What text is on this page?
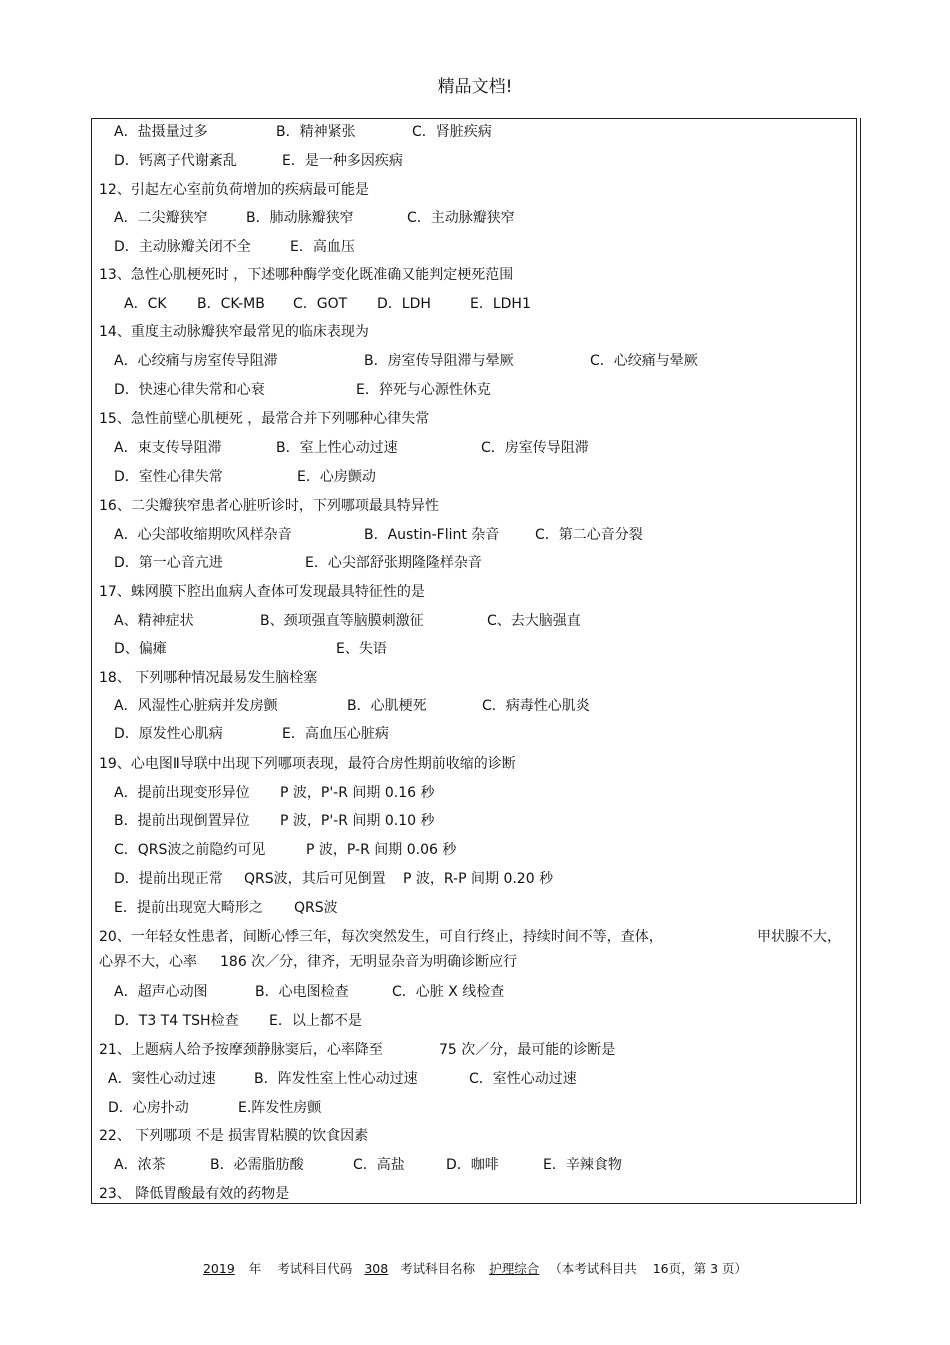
精品文档!
A．盐摄量过多	B．精神紧张	C．肾脏疾病
D．钙离子代谢紊乱	E．是一种多因疾病
12、引起左心室前负荷增加的疾病最可能是
A．二尖瓣狭窄	B．肺动脉瓣狭窄	C．主动脉瓣狭窄
D．主动脉瓣关闭不全	E．高血压
13、急性心肌梗死时 ，下述哪种酶学变化既准确又能判定梗死范围
A．CK B．CK-MB C．GOT D．LDH	E．LDH1
14、重度主动脉瓣狭窄最常见的临床表现为
A．心绞痛与房室传导阻滞	B．房室传导阻滞与晕厥	C．心绞痛与晕厥
D．快速心律失常和心衰	E．猝死与心源性休克
15、急性前壁心肌梗死 ，最常合并下列哪种心律失常
A．束支传导阻滞	B．室上性心动过速	C．房室传导阻滞
D．室性心律失常	E．心房颤动
16、二尖瓣狭窄患者心脏听诊时，下列哪项最具特异性
A．心尖部收缩期吹风样杂音	B．Austin-Flint 杂音	C．第二心音分裂
D．第一心音亢进	E．心尖部舒张期隆隆样杂音
17、蛛网膜下腔出血病人查体可发现最具特征性的是
A、精神症状	B、颈项强直等脑膜刺激征	C、去大脑强直
D、偏瘫	E、失语
18、 下列哪种情况最易发生脑栓塞
A．风湿性心脏病并发房颤	B．心肌梗死	C．病毒性心肌炎
D．原发性心肌病	E．高血压心脏病
19、心电图Ⅱ导联中出现下列哪项表现，最符合房性期前收缩的诊断
A．提前出现变形异位 P 波，P'-R 间期 0.16 秒
B．提前出现倒置异位 P 波，P'-R 间期 0.10 秒
C．QRS波之前隐约可见	P 波，P-R 间期 0.06 秒
D．提前出现正常 QRS波，其后可见倒置 P 波，R-P 间期 0.20 秒
E．提前出现宽大畸形之 QRS波
20、一年轻女性患者，间断心悸三年，每次突然发生，可自行终止，持续时间不等，查体，	甲状腺不大，
心界不大，心率 186 次／分，律齐，无明显杂音为明确诊断应行
A．超声心动图	B．心电图检查	C．心脏 X 线检查
D．T3 T4 TSH检查 E．以上都不是
21、上题病人给予按摩颈静脉窦后，心率降至	75 次／分，最可能的诊断是
A．窦性心动过速	B．阵发性室上性心动过速	C．室性心动过速
D．心房扑动	E.阵发性房颤
22、 下列哪项 不是 损害胃粘膜的饮食因素
A．浓茶	B．必需脂肪酸	C．高盐	D．咖啡	E．辛辣食物
23、 降低胃酸最有效的药物是
2019 年 考试科目代码 308 考试科目名称 护理综合 （本考试科目共 16页，第 3 页）
